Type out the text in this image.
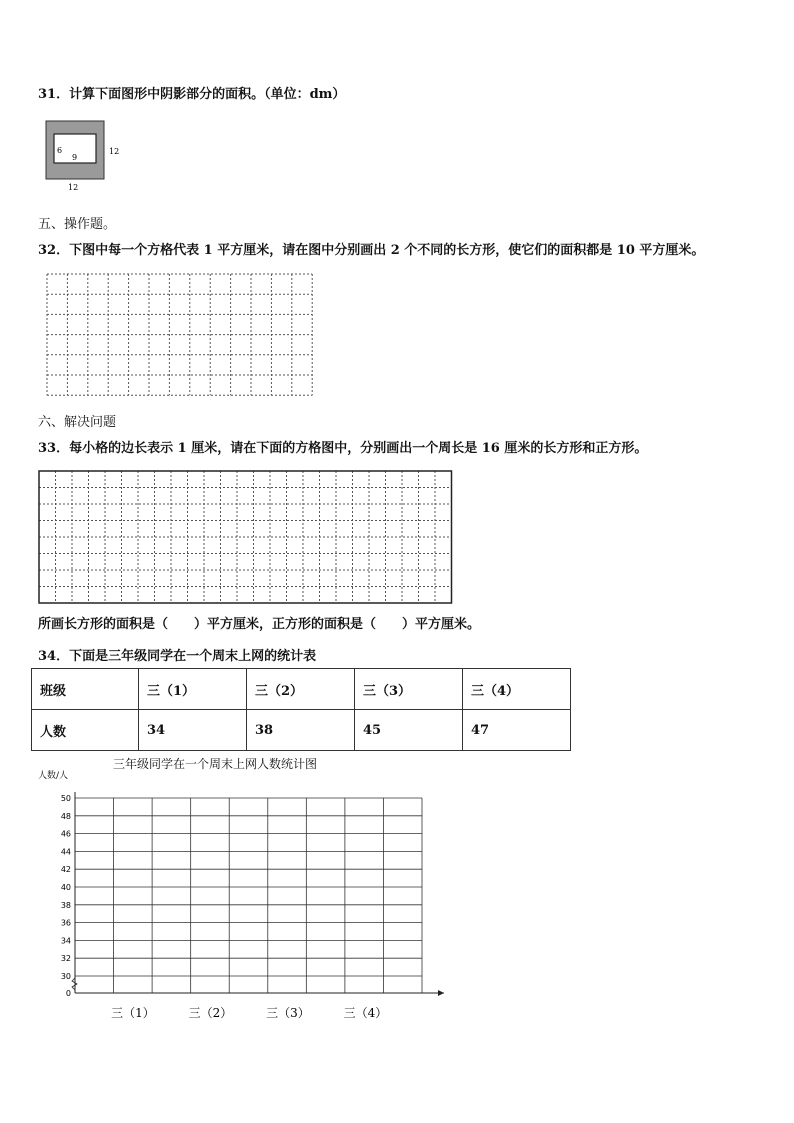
31．计算下面图形中阴影部分的面积。（单位：dm）
6
9
12
12
五、操作题。
32．下图中每一个方格代表 1 平方厘米，请在图中分别画出 2 个不同的长方形，使它们的面积都是 10 平方厘米。
六、解决问题
33．每小格的边长表示 1 厘米，请在下面的方格图中，分别画出一个周长是 16 厘米的长方形和正方形。
所画长方形的面积是（　　）平方厘米，正方形的面积是（　　）平方厘米。
34．下面是三年级同学在一个周末上网的统计表
班级	三（1）	三（2）	三（3）	三（4）
人数	34	38	45	47
三年级同学在一个周末上网人数统计图
人数/人
30
32
34
36
38
40
42
44
46
48
50
0
三（1）	三（2）	三（3）	三（4）
